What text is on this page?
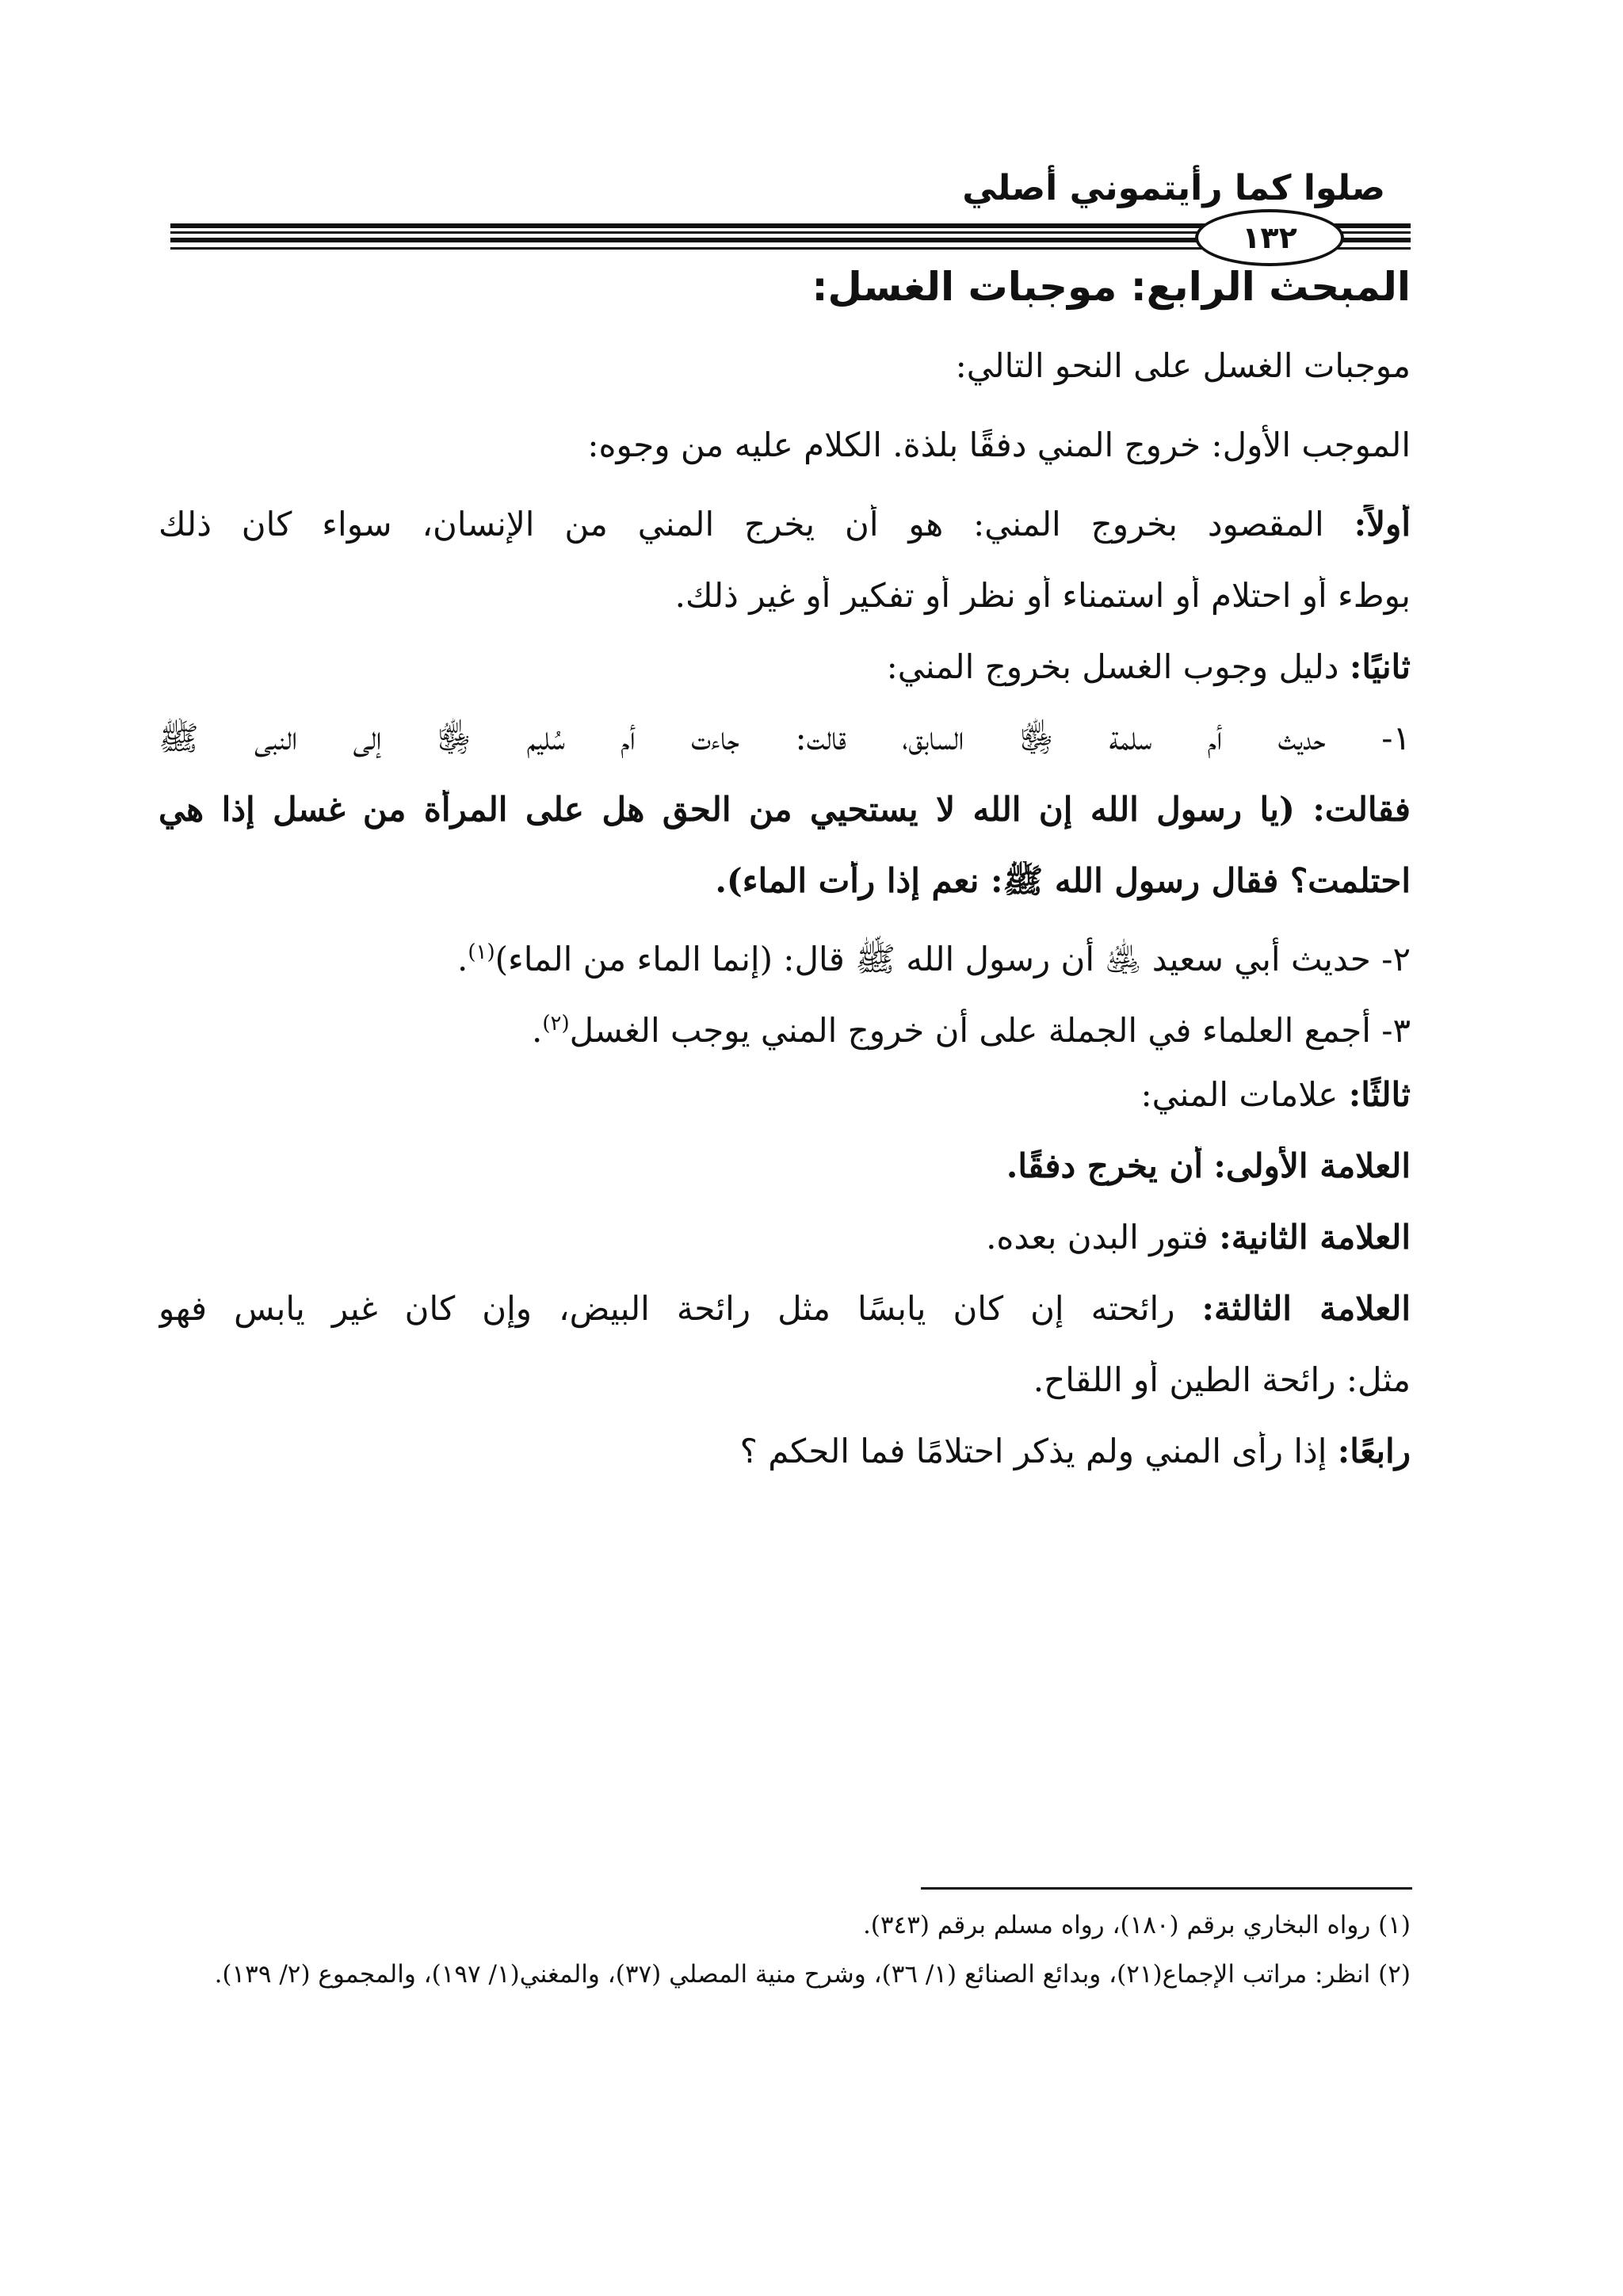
صلوا كما رأيتموني أصلي
١٣٢
المبحث الرابع: موجبات الغسل:
موجبات الغسل على النحو التالي:
الموجب الأول: خروج المني دفقًا بلذة. الكلام عليه من وجوه:
أولاً: المقصود بخروج المني: هو أن يخرج المني من الإنسان، سواء كان ذلك
بوطء أو احتلام أو استمناء أو نظر أو تفكير أو غير ذلك.
ثانيًا: دليل وجوب الغسل بخروج المني:
١- حديث أم سلمة ﵂ السابق، قالت: جاءت أم سُليم ﵂ إلى النبي ﷺ
فقالت: (يا رسول الله إن الله لا يستحيي من الحق هل على المرأة من غسل إذا هي
احتلمت؟ فقال رسول الله ﷺ: نعم إذا رأت الماء).
٢- حديث أبي سعيد ﵁ أن رسول الله ﷺ قال: (إنما الماء من الماء)$^{(١)}$.
٣- أجمع العلماء في الجملة على أن خروج المني يوجب الغسل$^{(٢)}$.
ثالثًا: علامات المني:
العلامة الأولى: أن يخرج دفقًا.
العلامة الثانية: فتور البدن بعده.
العلامة الثالثة: رائحته إن كان يابسًا مثل رائحة البيض، وإن كان غير يابس فهو
مثل: رائحة الطين أو اللقاح.
رابعًا: إذا رأى المني ولم يذكر احتلامًا فما الحكم ؟
(١) رواه البخاري برقم (١٨٠)، رواه مسلم برقم (٣٤٣).
(٢) انظر: مراتب الإجماع(٢١)، وبدائع الصنائع (١/ ٣٦)، وشرح منية المصلي (٣٧)، والمغني(١/ ١٩٧)، والمجموع (٢/ ١٣٩).
